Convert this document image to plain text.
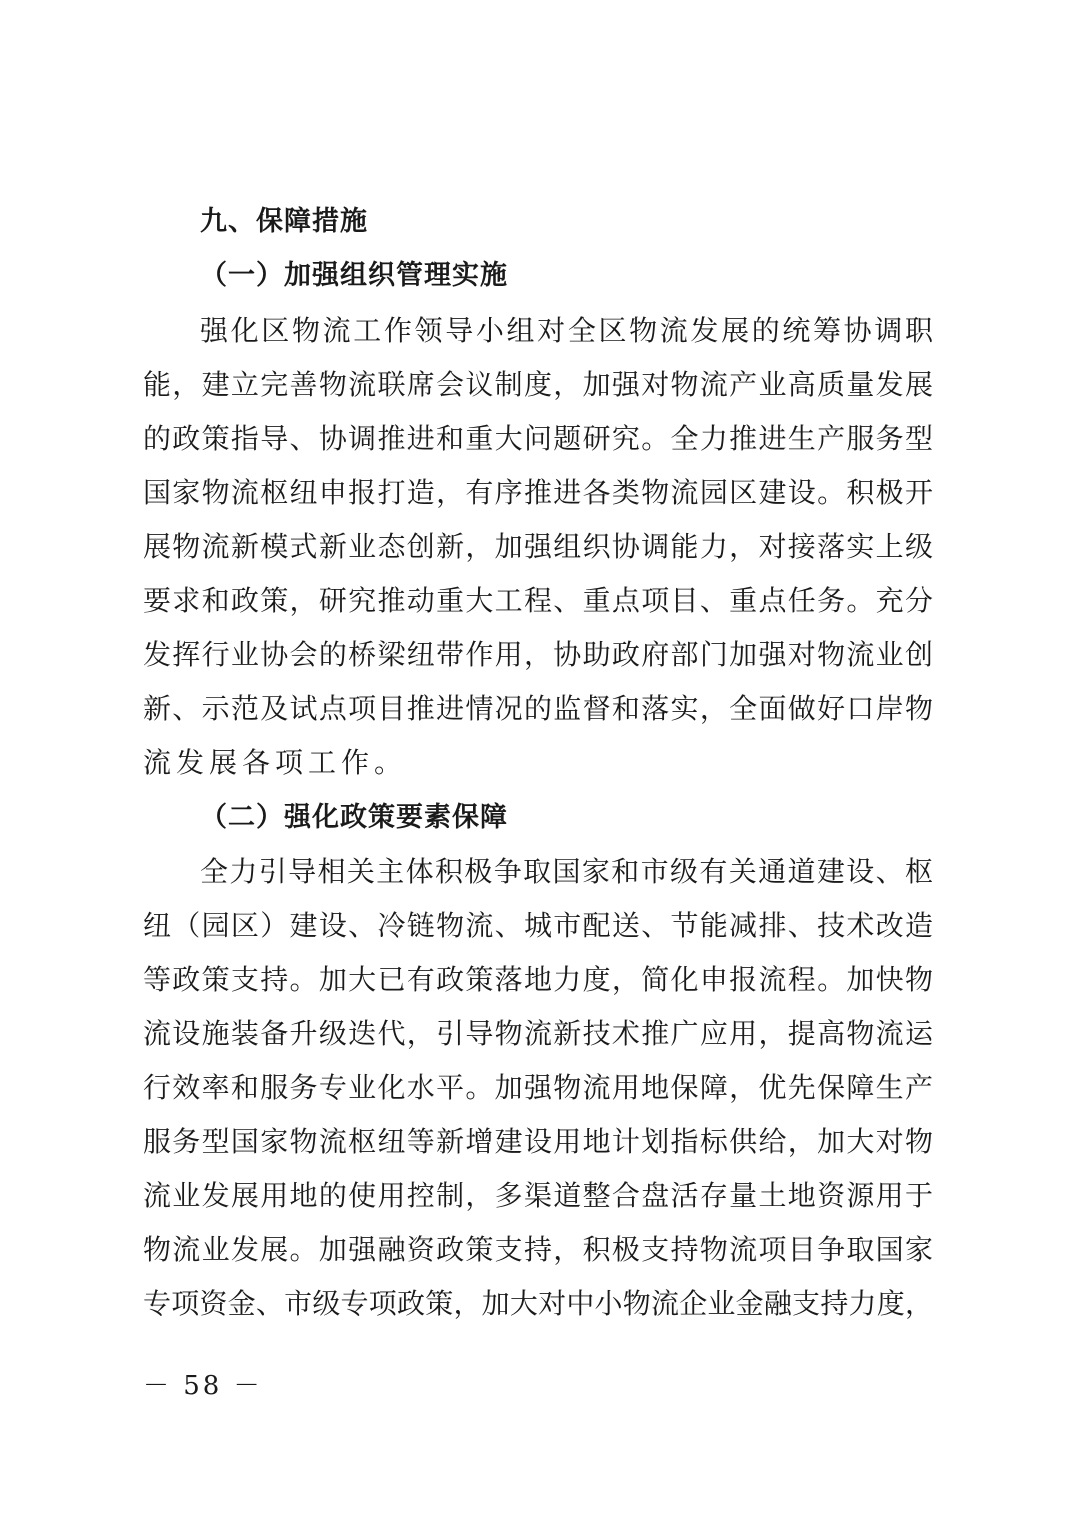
九、保障措施
（一）加强组织管理实施
强化区物流工作领导小组对全区物流发展的统筹协调职
能，建立完善物流联席会议制度，加强对物流产业高质量发展
的政策指导、协调推进和重大问题研究。全力推进生产服务型
国家物流枢纽申报打造，有序推进各类物流园区建设。积极开
展物流新模式新业态创新，加强组织协调能力，对接落实上级
要求和政策，研究推动重大工程、重点项目、重点任务。充分
发挥行业协会的桥梁纽带作用，协助政府部门加强对物流业创
新、示范及试点项目推进情况的监督和落实，全面做好口岸物
流发展各项工作。
（二）强化政策要素保障
全力引导相关主体积极争取国家和市级有关通道建设、枢
纽（园区）建设、冷链物流、城市配送、节能减排、技术改造
等政策支持。加大已有政策落地力度，简化申报流程。加快物
流设施装备升级迭代，引导物流新技术推广应用，提高物流运
行效率和服务专业化水平。加强物流用地保障，优先保障生产
服务型国家物流枢纽等新增建设用地计划指标供给，加大对物
流业发展用地的使用控制，多渠道整合盘活存量土地资源用于
物流业发展。加强融资政策支持，积极支持物流项目争取国家
专项资金、市级专项政策，加大对中小物流企业金融支持力度，

－ 58 －
